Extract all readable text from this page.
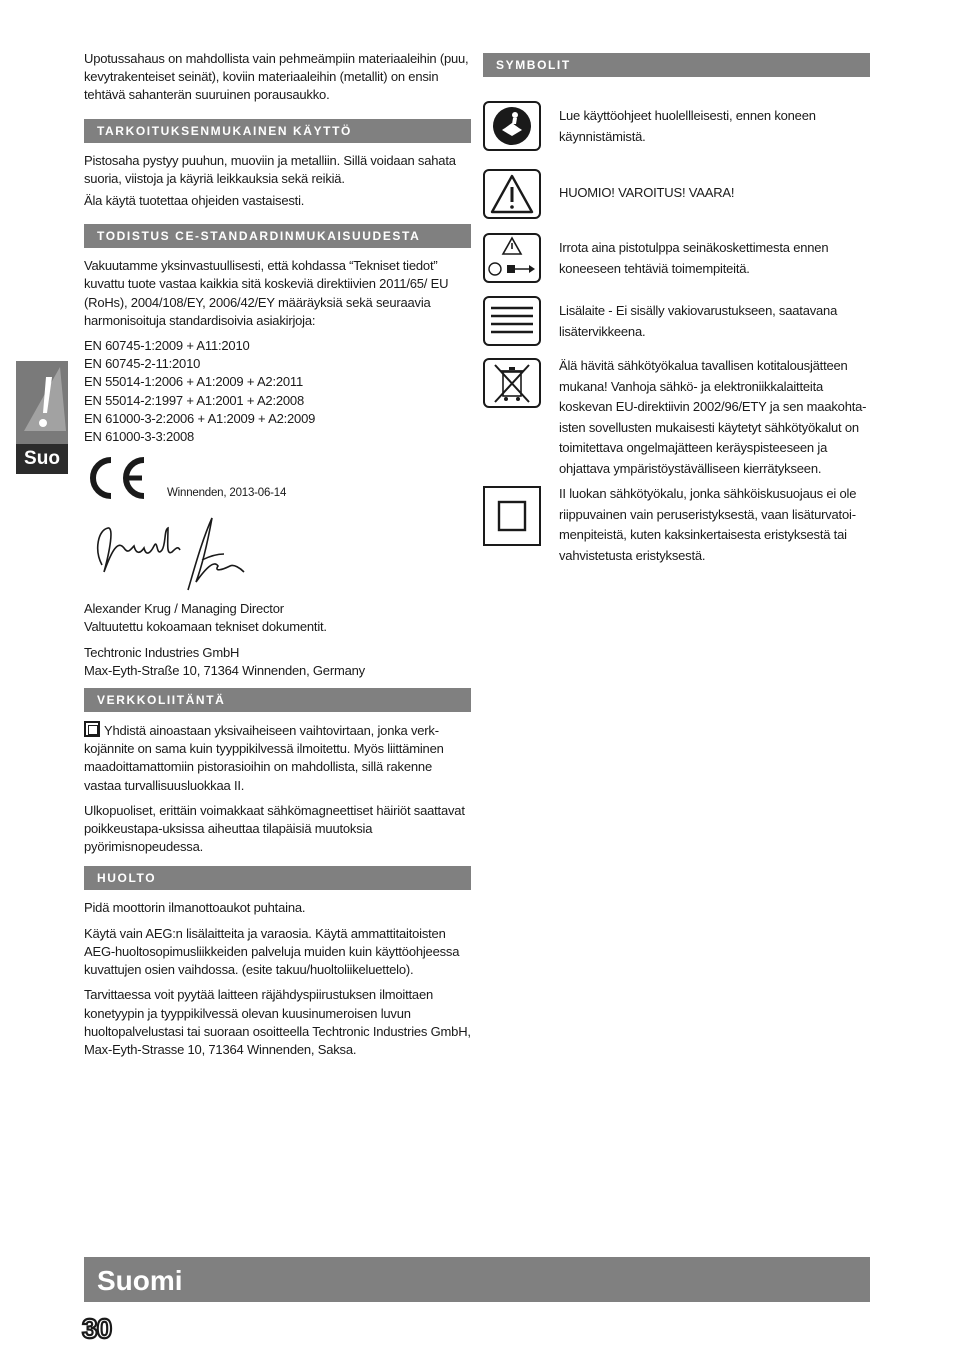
Suo

Upotussahaus on mahdollista vain pehmeämpiin materiaaleihin (puu, kevytrakenteiset seinät), koviin materiaaleihin (metallit) on ensin tehtävä sahanterän suuruinen porausaukko.

TARKOITUKSENMUKAINEN KÄYTTÖ

Pistosaha pystyy puuhun, muoviin ja metalliin. Sillä voidaan sahata suoria, viistoja ja käyriä leikkauksia sekä reikiä.

Äla käytä tuotettaa ohjeiden vastaisesti.

TODISTUS CE-STANDARDINMUKAISUUDESTA

Vakuutamme yksinvastuullisesti, että kohdassa “Tekniset tiedot” kuvattu tuote vastaa kaikkia sitä koskeviä direktiivien 2011/65/ EU (RoHs), 2004/108/EY, 2006/42/EY määräyksiä sekä seuraavia harmonisoituja standardisoivia asiakirjoja:

EN 60745-1:2009 + A11:2010
EN 60745-2-11:2010
EN 55014-1:2006 + A1:2009 + A2:2011
EN 55014-2:1997 + A1:2001 + A2:2008
EN 61000-3-2:2006 + A1:2009 + A2:2009
EN 61000-3-3:2008
Winnenden, 2013-06-14

Alexander Krug / Managing Director
Valtuutettu kokoamaan tekniset dokumentit.

Techtronic Industries GmbH
Max-Eyth-Straße 10, 71364 Winnenden, Germany

VERKKOLIITÄNTÄ

Yhdistä ainoastaan yksivaiheiseen vaihtovirtaan, jonka verk-kojännite on sama kuin tyyppikilvessä ilmoitettu. Myös liittäminen maadoittamattomiin pistorasioihin on mahdollista, sillä rakenne vastaa turvallisuusluokkaa II.

Ulkopuoliset, erittäin voimakkaat sähkömagneettiset häiriöt saattavat poikkeustapa-uksissa aiheuttaa tilapäisiä muutoksia pyörimisnopeudessa.

HUOLTO

Pidä moottorin ilmanottoaukot puhtaina.

Käytä vain AEG:n lisälaitteita ja varaosia. Käytä ammattitaitoisten AEG-huoltosopimusliikkeiden palveluja muiden kuin käyttöohjeessa kuvattujen osien vaihdossa. (esite takuu/huoltoliikeluettelo).

Tarvittaessa voit pyytää laitteen räjähdyspiirustuksen ilmoittaen konetyypin ja tyyppikilvessä olevan kuusinumeroisen luvun huoltopalvelustasi tai suoraan osoitteella Techtronic Industries GmbH, Max-Eyth-Strasse 10, 71364 Winnenden, Saksa.

SYMBOLIT
Lue käyttöohjeet huolellleisesti, ennen koneen käynnistämistä.
HUOMIO! VAROITUS! VAARA!
Irrota aina pistotulppa seinäkoskettimesta ennen koneeseen tehtäviä toimempiteitä.
Lisälaite - Ei sisälly vakiovarustukseen, saatavana lisätervikkeena.
Älä hävitä sähkötyökalua tavallisen kotitalousjätteen mukana! Vanhoja sähkö- ja elektroniikkalaitteita koskevan EU-direktiivin 2002/96/ETY ja sen maakohta-isten sovellusten mukaisesti käytetyt sähkötyökalut on toimitettava ongelmajätteen keräyspisteeseen ja ohjattava ympäristöystävälliseen kierrätykseen.
II luokan sähkötyökalu, jonka sähköiskusuojaus ei ole riippuvainen vain peruseristyksestä, vaan lisäturvatoi-menpiteistä, kuten kaksinkertaisesta eristyksestä tai vahvistetusta eristyksestä.
Suomi
30
